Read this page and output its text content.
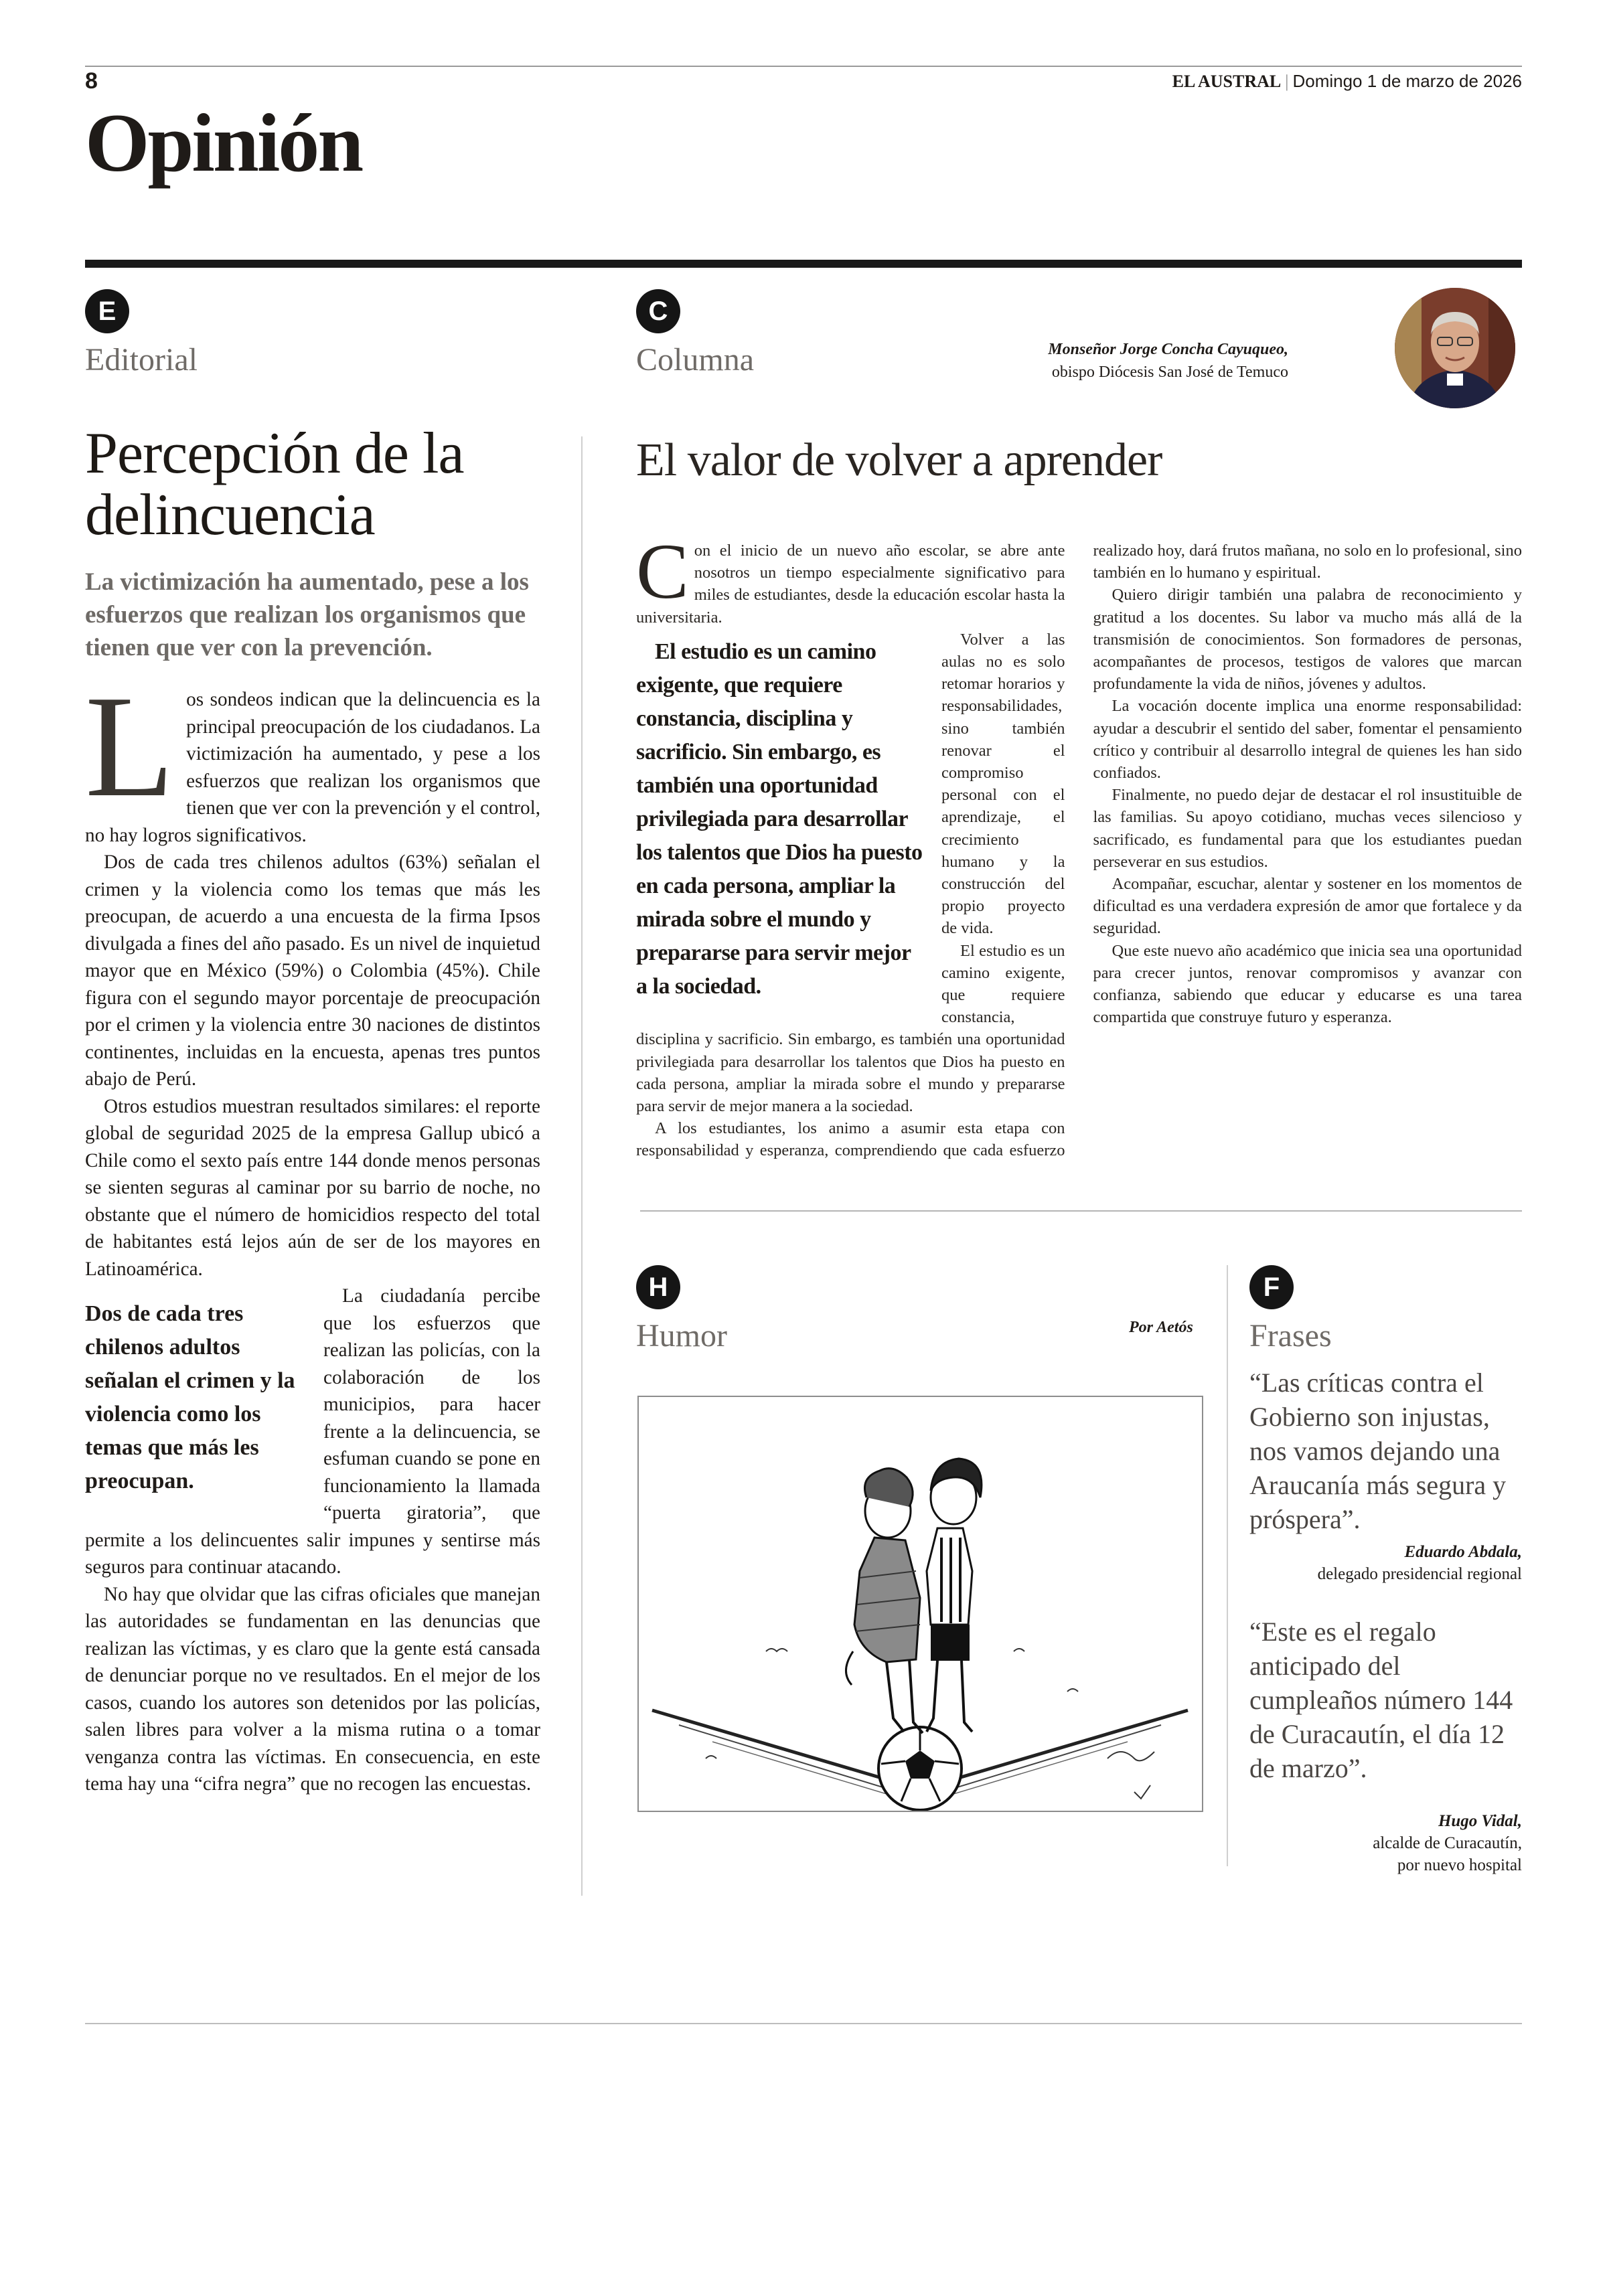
8	EL AUSTRAL | Domingo 1 de marzo de 2026
Opinión
E
Editorial
Percepción de la delincuencia
La victimización ha aumentado, pese a los esfuerzos que realizan los organismos que tienen que ver con la prevención.

Los sondeos indican que la delincuencia es la principal preocupación de los ciudadanos. La victimización ha aumentado, y pese a los esfuerzos que realizan los organismos que tienen que ver con la prevención y el control, no hay logros significativos.

Dos de cada tres chilenos adultos (63%) señalan el crimen y la violencia como los temas que más les preocupan, de acuerdo a una encuesta de la firma Ipsos divulgada a fines del año pasado. Es un nivel de inquietud mayor que en México (59%) o Colombia (45%). Chile figura con el segundo mayor porcentaje de preocupación por el crimen y la violencia entre 30 naciones de distintos continentes, incluidas en la encuesta, apenas tres puntos abajo de Perú.

Otros estudios muestran resultados similares: el reporte global de seguridad 2025 de la empresa Gallup ubicó a Chile como el sexto país entre 144 donde menos personas se sienten seguras al caminar por su barrio de noche, no obstante que el número de homicidios respecto del total de habitantes está lejos aún de ser de los mayores en Latinoamérica.

Dos de cada tres chilenos adultos señalan el crimen y la violencia como los temas que más les preocupan.
La ciudadanía percibe que los esfuerzos que realizan las policías, con la colaboración de los municipios, para hacer frente a la delincuencia, se esfuman cuando se pone en funcionamiento la llamada “puerta giratoria”, que permite a los delincuentes salir impunes y sentirse más seguros para continuar atacando.

No hay que olvidar que las cifras oficiales que manejan las autoridades se fundamentan en las denuncias que realizan las víctimas, y es claro que la gente está cansada de denunciar porque no ve resultados. En el mejor de los casos, cuando los autores son detenidos por las policías, salen libres para volver a la misma rutina o a tomar venganza contra las víctimas. En consecuencia, en este tema hay una “cifra negra” que no recogen las encuestas.

C
Columna	Monseñor Jorge Concha Cayuqueo,
obispo Diócesis San José de Temuco
El valor de volver a aprender

Con el inicio de un nuevo año escolar, se abre ante nosotros un tiempo especialmente significativo para miles de estudiantes, desde la educación escolar hasta la universitaria.

El estudio es un camino exigente, que requiere constancia, disciplina y sacrificio. Sin embargo, es también una oportunidad privilegiada para desarrollar los talentos que Dios ha puesto en cada persona, ampliar la mirada sobre el mundo y prepararse para servir mejor a la sociedad.
Volver a las aulas no es solo retomar horarios y responsabilidades, sino también renovar el compromiso personal con el aprendizaje, el crecimiento humano y la construcción del propio proyecto de vida.

El estudio es un camino exigente, que requiere constancia, disciplina y sacrificio. Sin embargo, es también una oportunidad privilegiada para desarrollar los talentos que Dios ha puesto en cada persona, ampliar la mirada sobre el mundo y prepararse para servir de mejor manera a la sociedad.

A los estudiantes, los animo a asumir esta etapa con responsabilidad y esperanza, comprendiendo que cada esfuerzo realizado hoy, dará frutos mañana, no solo en lo profesional, sino también en lo humano y espiritual.

Quiero dirigir también una palabra de reconocimiento y gratitud a los docentes. Su labor va mucho más allá de la transmisión de conocimientos. Son formadores de personas, acompañantes de procesos, testigos de valores que marcan profundamente la vida de niños, jóvenes y adultos.

La vocación docente implica una enorme responsabilidad: ayudar a descubrir el sentido del saber, fomentar el pensamiento crítico y contribuir al desarrollo integral de quienes les han sido confiados.

Finalmente, no puedo dejar de destacar el rol insustituible de las familias. Su apoyo cotidiano, muchas veces silencioso y sacrificado, es fundamental para que los estudiantes puedan perseverar en sus estudios.

Acompañar, escuchar, alentar y sostener en los momentos de dificultad es una verdadera expresión de amor que fortalece y da seguridad.

Que este nuevo año académico que inicia sea una oportunidad para crecer juntos, renovar compromisos y avanzar con confianza, sabiendo que educar y educarse es una tarea compartida que construye futuro y esperanza.

H
Humor	Por Aetós
F
Frases
“Las críticas contra el Gobierno son injustas, nos vamos dejando una Araucanía más segura y próspera”.
Eduardo Abdala,
delegado presidencial regional
“Este es el regalo anticipado del cumpleaños número 144 de Curacautín, el día 12 de marzo”.
Hugo Vidal,
alcalde de Curacautín,
por nuevo hospital
